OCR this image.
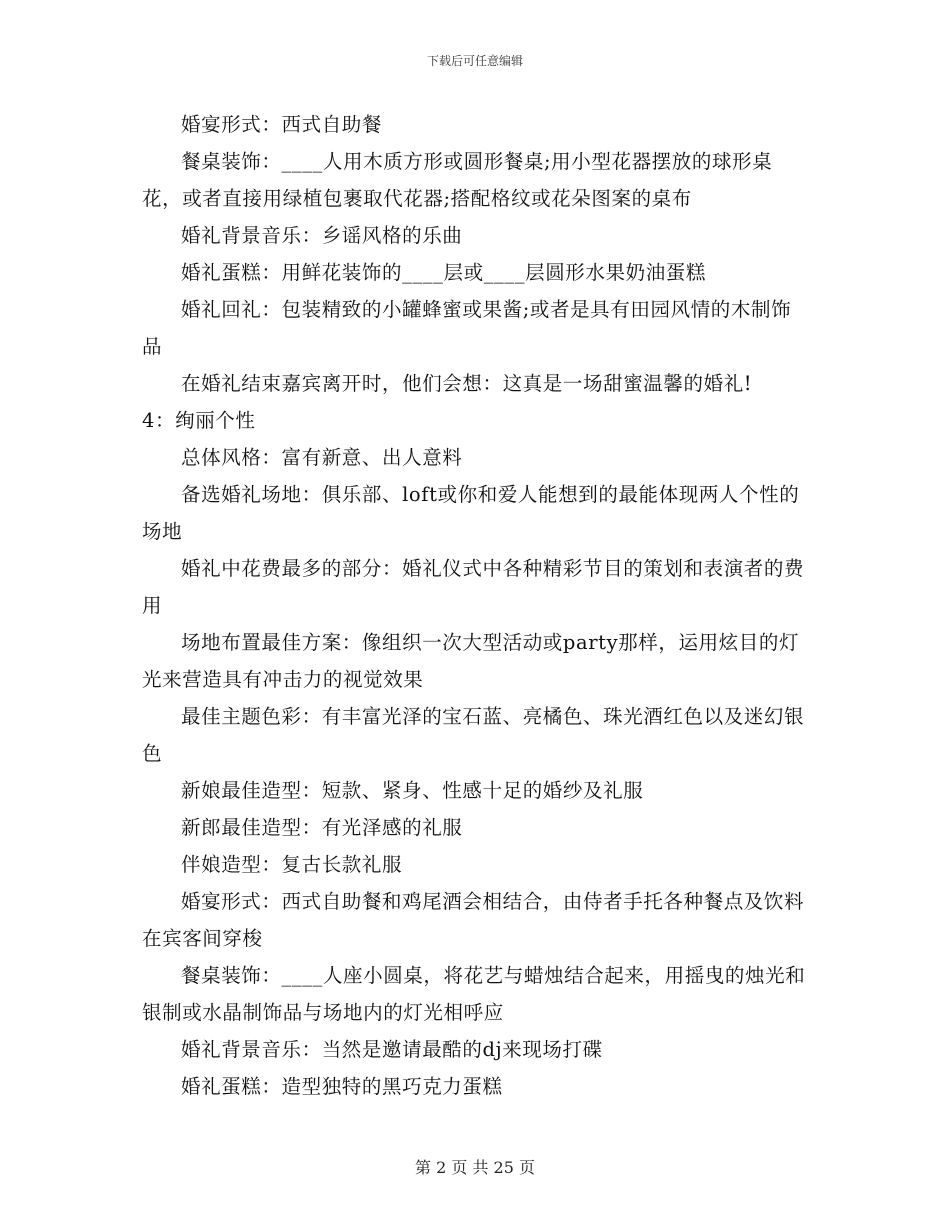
下载后可任意编辑

婚宴形式：西式自助餐

餐桌装饰：____人用木质方形或圆形餐桌;用小型花器摆放的球形桌花，或者直接用绿植包裹取代花器;搭配格纹或花朵图案的桌布

婚礼背景音乐：乡谣风格的乐曲

婚礼蛋糕：用鲜花装饰的____层或____层圆形水果奶油蛋糕

婚礼回礼：包装精致的小罐蜂蜜或果酱;或者是具有田园风情的木制饰品

在婚礼结束嘉宾离开时，他们会想：这真是一场甜蜜温馨的婚礼!

4：绚丽个性

总体风格：富有新意、出人意料

备选婚礼场地：俱乐部、loft或你和爱人能想到的最能体现两人个性的场地

婚礼中花费最多的部分：婚礼仪式中各种精彩节目的策划和表演者的费用

场地布置最佳方案：像组织一次大型活动或party那样，运用炫目的灯光来营造具有冲击力的视觉效果

最佳主题色彩：有丰富光泽的宝石蓝、亮橘色、珠光酒红色以及迷幻银色

新娘最佳造型：短款、紧身、性感十足的婚纱及礼服

新郎最佳造型：有光泽感的礼服

伴娘造型：复古长款礼服

婚宴形式：西式自助餐和鸡尾酒会相结合，由侍者手托各种餐点及饮料在宾客间穿梭

餐桌装饰：____人座小圆桌，将花艺与蜡烛结合起来，用摇曳的烛光和银制或水晶制饰品与场地内的灯光相呼应

婚礼背景音乐：当然是邀请最酷的dj来现场打碟

婚礼蛋糕：造型独特的黑巧克力蛋糕

第 2 页 共 25 页
